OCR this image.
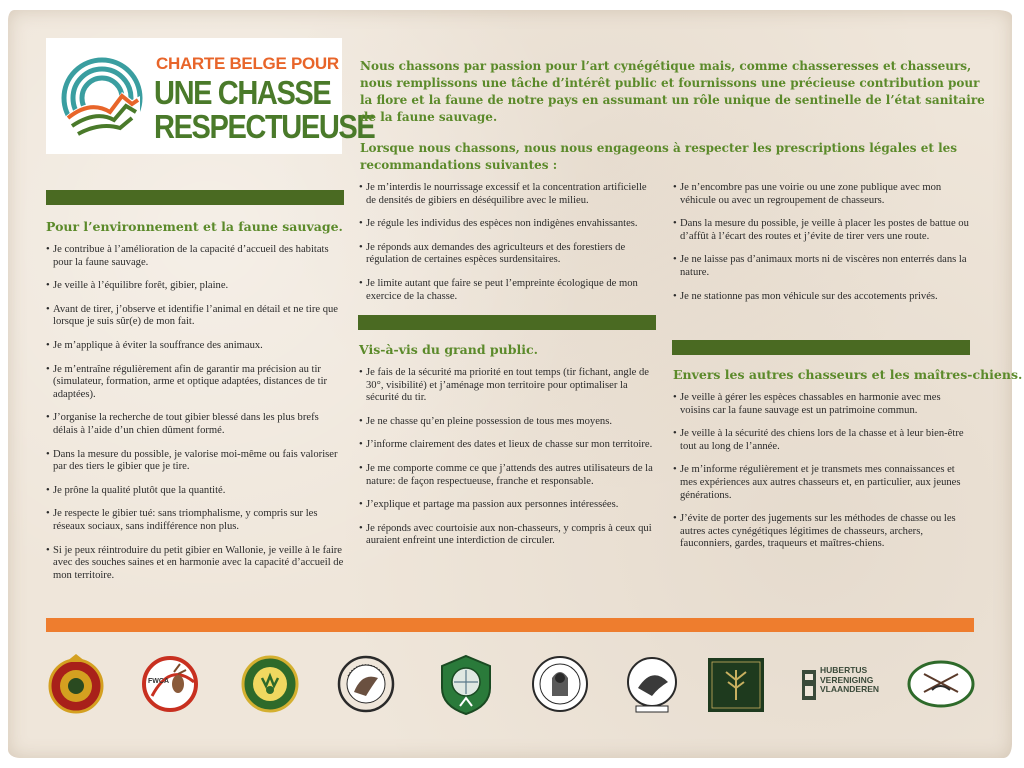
CHARTE BELGE POUR
UNE CHASSE
RESPECTUEUSE

Nous chassons par passion pour l’art cynégétique mais, comme chasseresses et chasseurs, nous remplissons une tâche d’intérêt public et fournissons une précieuse contribution pour la flore et la faune de notre pays en assumant un rôle unique de sentinelle de l’état sanitaire de la faune sauvage.

Lorsque nous chassons, nous nous engageons à respecter les prescriptions légales et les recommandations suivantes :

Pour l’environnement et la faune sauvage.
• Je contribue à l’amélioration de la capacité d’accueil des habitats pour la faune sauvage.
• Je veille à l’équilibre forêt, gibier, plaine.
• Avant de tirer, j’observe et identifie l’animal en détail et ne tire que lorsque je suis sûr(e) de mon fait.
• Je m’applique à éviter la souffrance des animaux.
• Je m’entraîne régulièrement afin de garantir ma précision au tir (simulateur, formation, arme et optique adaptées, distances de tir adaptées).
• J’organise la recherche de tout gibier blessé dans les plus brefs délais à l’aide d’un chien dûment formé.
• Dans la mesure du possible, je valorise moi-même ou fais valoriser par des tiers le gibier que je tire.
• Je prône la qualité plutôt que la quantité.
• Je respecte le gibier tué: sans triomphalisme, y compris sur les réseaux sociaux, sans indifférence non plus.
• Si je peux réintroduire du petit gibier en Wallonie, je veille à le faire avec des souches saines et en harmonie avec la capacité d’accueil de mon territoire.
• Je m’interdis le nourrissage excessif et la concentration artificielle de densités de gibiers en déséquilibre avec le milieu.
• Je régule les individus des espèces non indigènes envahissantes.
• Je réponds aux demandes des agriculteurs et des forestiers de régulation de certaines espèces surdensitaires.
• Je limite autant que faire se peut l’empreinte écologique de mon exercice de la chasse.
Vis-à-vis du grand public.
• Je fais de la sécurité ma priorité en tout temps (tir fichant, angle de 30°, visibilité) et j’aménage mon territoire pour optimaliser la sécurité du tir.
• Je ne chasse qu’en pleine possession de tous mes moyens.
• J’informe clairement des dates et lieux de chasse sur mon territoire.
• Je me comporte comme ce que j’attends des autres utilisateurs de la nature: de façon respectueuse, franche et responsable.
• J’explique et partage ma passion aux personnes intéressées.
• Je réponds avec courtoisie aux non-chasseurs, y compris à ceux qui auraient enfreint une interdiction de circuler.
• Je n’encombre pas une voirie ou une zone publique avec mon véhicule ou avec un regroupement de chasseurs.
• Dans la mesure du possible, je veille à placer les postes de battue ou d’affût à l’écart des routes et j’évite de tirer vers une route.
• Je ne laisse pas d’animaux morts ni de viscères non enterrés dans la nature.
• Je ne stationne pas mon véhicule sur des accotements privés.
Envers les autres chasseurs et les maîtres-chiens.
• Je veille à gérer les espèces chassables en harmonie avec mes voisins car la faune sauvage est un patrimoine commun.
• Je veille à la sécurité des chiens lors de la chasse et à leur bien-être tout au long de l’année.
• Je m’informe régulièrement et je transmets mes connaissances et mes expériences aux autres chasseurs et, en particulier, aux jeunes générations.
• J’évite de porter des jugements sur les méthodes de chasse ou les autres actes cynégétiques légitimes de chasseurs, archers, fauconniers, gardes, traqueurs et maîtres-chiens.
FWCA
HUBERTUS
VERENIGING
VLAANDEREN
